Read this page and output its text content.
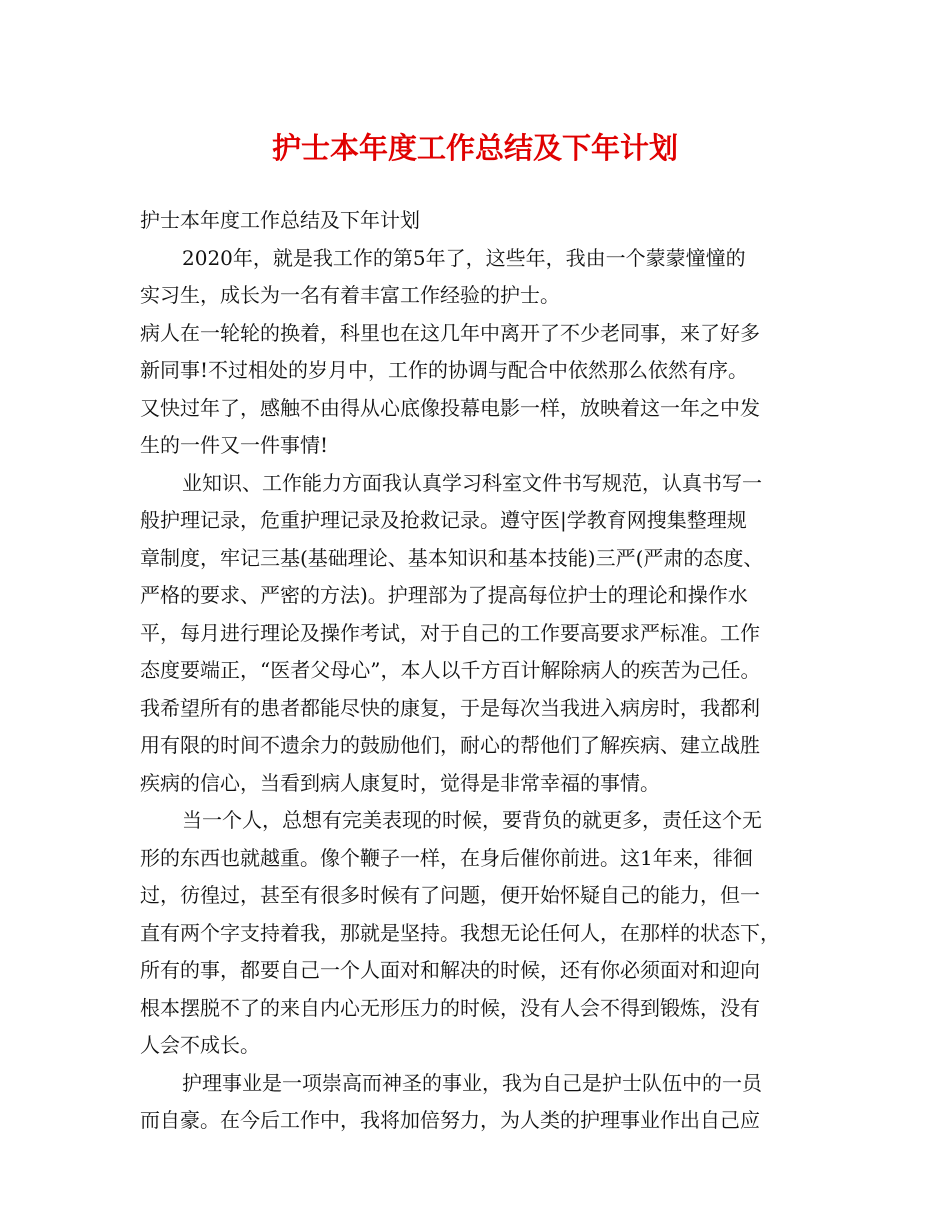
护士本年度工作总结及下年计划

护士本年度工作总结及下年计划

2020年，就是我工作的第5年了，这些年，我由一个蒙蒙憧憧的

实习生，成长为一名有着丰富工作经验的护士。

病人在一轮轮的换着，科里也在这几年中离开了不少老同事，来了好多

新同事!不过相处的岁月中，工作的协调与配合中依然那么依然有序。

又快过年了，感触不由得从心底像投幕电影一样，放映着这一年之中发

生的一件又一件事情!

业知识、工作能力方面我认真学习科室文件书写规范，认真书写一

般护理记录，危重护理记录及抢救记录。遵守医|学教育网搜集整理规

章制度，牢记三基(基础理论、基本知识和基本技能)三严(严肃的态度、

严格的要求、严密的方法)。护理部为了提高每位护士的理论和操作水

平，每月进行理论及操作考试，对于自己的工作要高要求严标准。工作

态度要端正，“医者父母心”，本人以千方百计解除病人的疾苦为己任。

我希望所有的患者都能尽快的康复，于是每次当我进入病房时，我都利

用有限的时间不遗余力的鼓励他们，耐心的帮他们了解疾病、建立战胜

疾病的信心，当看到病人康复时，觉得是非常幸福的事情。

当一个人，总想有完美表现的时候，要背负的就更多，责任这个无

形的东西也就越重。像个鞭子一样，在身后催你前进。这1年来，徘徊

过，彷徨过，甚至有很多时候有了问题，便开始怀疑自己的能力，但一

直有两个字支持着我，那就是坚持。我想无论任何人，在那样的状态下，

所有的事，都要自己一个人面对和解决的时候，还有你必须面对和迎向

根本摆脱不了的来自内心无形压力的时候，没有人会不得到锻炼，没有

人会不成长。

护理事业是一项崇高而神圣的事业，我为自己是护士队伍中的一员

而自豪。在今后工作中，我将加倍努力，为人类的护理事业作出自己应
